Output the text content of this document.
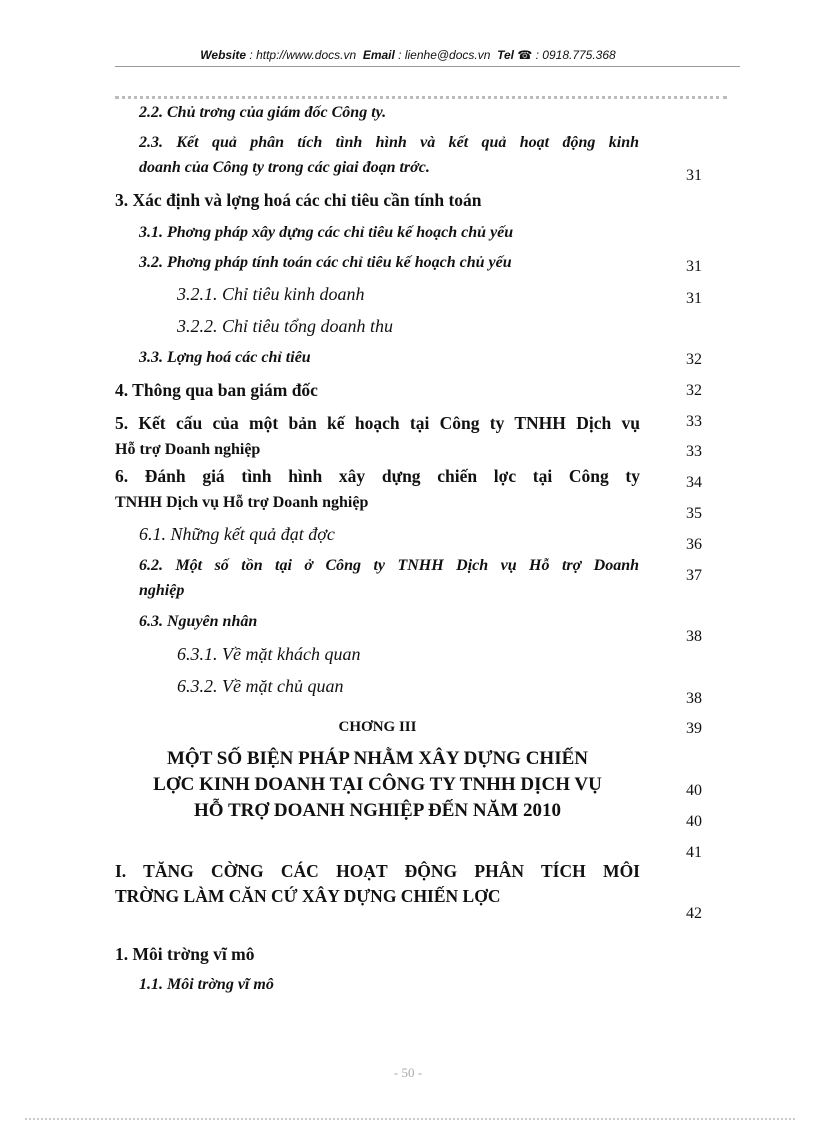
Website : http://www.docs.vn Email : lienhe@docs.vn Tel ☎ : 0918.775.368
2.2. Chủ trơng của giám đốc Công ty.
2.3. Kết quả phân tích tình hình và kết quả hoạt động kinh
doanh của Công ty trong các giai đoạn trớc.
3. Xác định và lợng hoá các chỉ tiêu cần tính toán
3.1. Phơng pháp xây dựng các chỉ tiêu kế hoạch chủ yếu
3.2. Phơng pháp tính toán các chỉ tiêu kế hoạch chủ yếu
3.2.1. Chỉ tiêu kinh doanh
3.2.2. Chỉ tiêu tổng doanh thu
3.3. Lợng hoá các chỉ tiêu
4. Thông qua ban giám đốc
5. Kết cấu của một bản kế hoạch tại Công ty TNHH Dịch vụ
Hỗ trợ Doanh nghiệp
6. Đánh giá tình hình xây dựng chiến lợc tại Công ty
TNHH Dịch vụ Hỗ trợ Doanh nghiệp
6.1. Những kết quả đạt đợc
6.2. Một số tồn tại ở Công ty TNHH Dịch vụ Hỗ trợ Doanh
nghiệp
6.3. Nguyên nhân
6.3.1. Về mặt khách quan
6.3.2. Về mặt chủ quan
CHƠNG III
MỘT SỐ BIỆN PHÁP NHẰM XÂY DỰNG CHIẾN
LỢC KINH DOANH TẠI CÔNG TY TNHH DỊCH VỤ
HỖ TRỢ DOANH NGHIỆP ĐẾN NĂM 2010
I. TĂNG CỜNG CÁC HOẠT ĐỘNG PHÂN TÍCH MÔI
TRỜNG LÀM CĂN CỨ XÂY DỰNG CHIẾN LỢC
1. Môi trờng vĩ mô
1.1. Môi trờng vĩ mô
31
31
31
32
32
33
33
34
35
36
37
38
38
39
40
40
41
42
- 50 -
